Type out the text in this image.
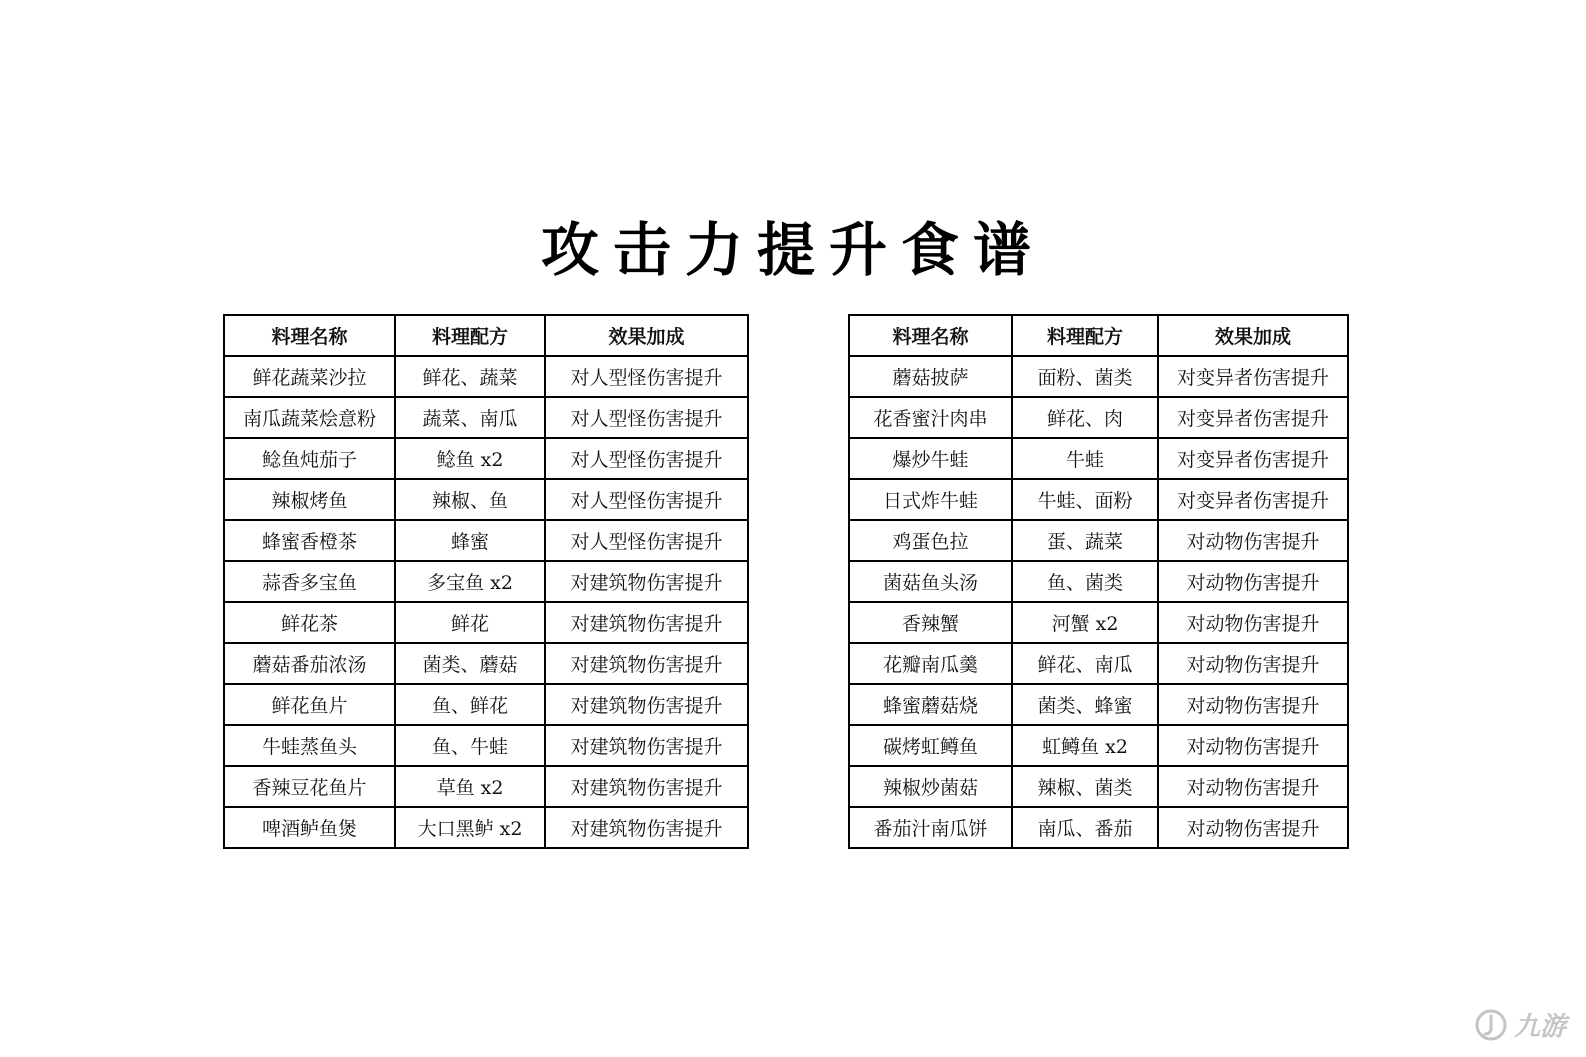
攻击力提升食谱
料理名称	料理配方	效果加成
鲜花蔬菜沙拉	鲜花、蔬菜	对人型怪伤害提升
南瓜蔬菜烩意粉	蔬菜、南瓜	对人型怪伤害提升
鲶鱼炖茄子	鲶鱼 x2	对人型怪伤害提升
辣椒烤鱼	辣椒、鱼	对人型怪伤害提升
蜂蜜香橙茶	蜂蜜	对人型怪伤害提升
蒜香多宝鱼	多宝鱼 x2	对建筑物伤害提升
鲜花茶	鲜花	对建筑物伤害提升
蘑菇番茄浓汤	菌类、蘑菇	对建筑物伤害提升
鲜花鱼片	鱼、鲜花	对建筑物伤害提升
牛蛙蒸鱼头	鱼、牛蛙	对建筑物伤害提升
香辣豆花鱼片	草鱼 x2	对建筑物伤害提升
啤酒鲈鱼煲	大口黑鲈 x2	对建筑物伤害提升
料理名称	料理配方	效果加成
蘑菇披萨	面粉、菌类	对变异者伤害提升
花香蜜汁肉串	鲜花、肉	对变异者伤害提升
爆炒牛蛙	牛蛙	对变异者伤害提升
日式炸牛蛙	牛蛙、面粉	对变异者伤害提升
鸡蛋色拉	蛋、蔬菜	对动物伤害提升
菌菇鱼头汤	鱼、菌类	对动物伤害提升
香辣蟹	河蟹 x2	对动物伤害提升
花瓣南瓜羹	鲜花、南瓜	对动物伤害提升
蜂蜜蘑菇烧	菌类、蜂蜜	对动物伤害提升
碳烤虹鳟鱼	虹鳟鱼 x2	对动物伤害提升
辣椒炒菌菇	辣椒、菌类	对动物伤害提升
番茄汁南瓜饼	南瓜、番茄	对动物伤害提升
九游
